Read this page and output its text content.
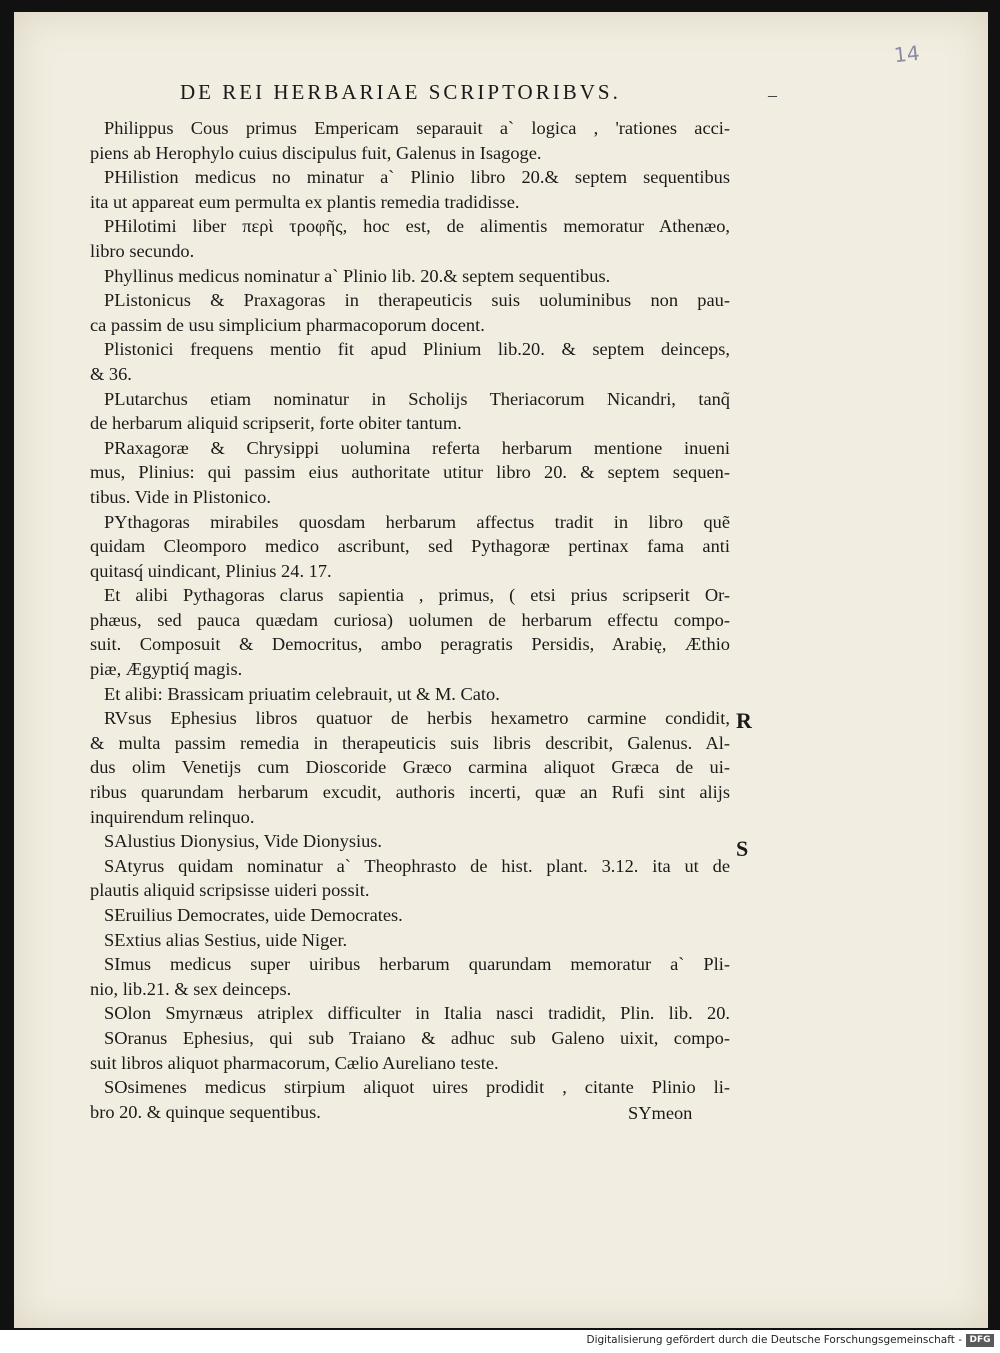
14
–
DE REI HERBARIAE SCRIPTORIBVS.
Philippus Cous primus Empericam separauit a` logica , 'rationes acci-
piens ab Herophylo cuius discipulus fuit, Galenus in Isagoge.
PHilistion medicus no minatur a` Plinio libro 20.& septem sequentibus
ita ut appareat eum permulta ex plantis remedia tradidisse.
PHilotimi liber περὶ τροφῆς, hoc est, de alimentis memoratur Athenæo,
libro secundo.
Phyllinus medicus nominatur a` Plinio lib. 20.& septem sequentibus.
PListonicus & Praxagoras in therapeuticis suis uoluminibus non pau-
ca passim de usu simplicium pharmacoporum docent.
Plistonici frequens mentio fit apud Plinium lib.20. & septem deinceps,
& 36.
PLutarchus etiam nominatur in Scholijs Theriacorum Nicandri, tanq̃
de herbarum aliquid scripserit, forte obiter tantum.
PRaxagoræ & Chrysippi uolumina referta herbarum mentione inueni
mus, Plinius: qui passim eius authoritate utitur libro 20. & septem sequen-
tibus. Vide in Plistonico.
PYthagoras mirabiles quosdam herbarum affectus tradit in libro quẽ
quidam Cleomporo medico ascribunt, sed Pythagoræ pertinax fama anti
quitasq́ uindicant, Plinius 24. 17.
Et alibi Pythagoras clarus sapientia , primus, ( etsi prius scripserit Or-
phæus, sed pauca quædam curiosa) uolumen de herbarum effectu compo-
suit. Composuit & Democritus, ambo peragratis Persidis, Arabię, Æthio
piæ, Ægyptiq́ magis.
Et alibi: Brassicam priuatim celebrauit, ut & M. Cato.
RVsus Ephesius libros quatuor de herbis hexametro carmine condidit,
& multa passim remedia in therapeuticis suis libris describit, Galenus. Al-
dus olim Venetijs cum Dioscoride Græco carmina aliquot Græca de ui-
ribus quarundam herbarum excudit, authoris incerti, quæ an Rufi sint alijs
inquirendum relinquo.
SAlustius Dionysius, Vide Dionysius.
SAtyrus quidam nominatur a` Theophrasto de hist. plant. 3.12. ita ut de
plautis aliquid scripsisse uideri possit.
SEruilius Democrates, uide Democrates.
SExtius alias Sestius, uide Niger.
SImus medicus super uiribus herbarum quarundam memoratur a` Pli-
nio, lib.21. & sex deinceps.
SOlon Smyrnæus atriplex difficulter in Italia nasci tradidit, Plin. lib. 20.
SOranus Ephesius, qui sub Traiano & adhuc sub Galeno uixit, compo-
suit libros aliquot pharmacorum, Cælio Aureliano teste.
SOsimenes medicus stirpium aliquot uires prodidit , citante Plinio li-
bro 20. & quinque sequentibus.
R
S
SYmeon
Digitalisierung gefördert durch die Deutsche Forschungsgemeinschaft - DFG
